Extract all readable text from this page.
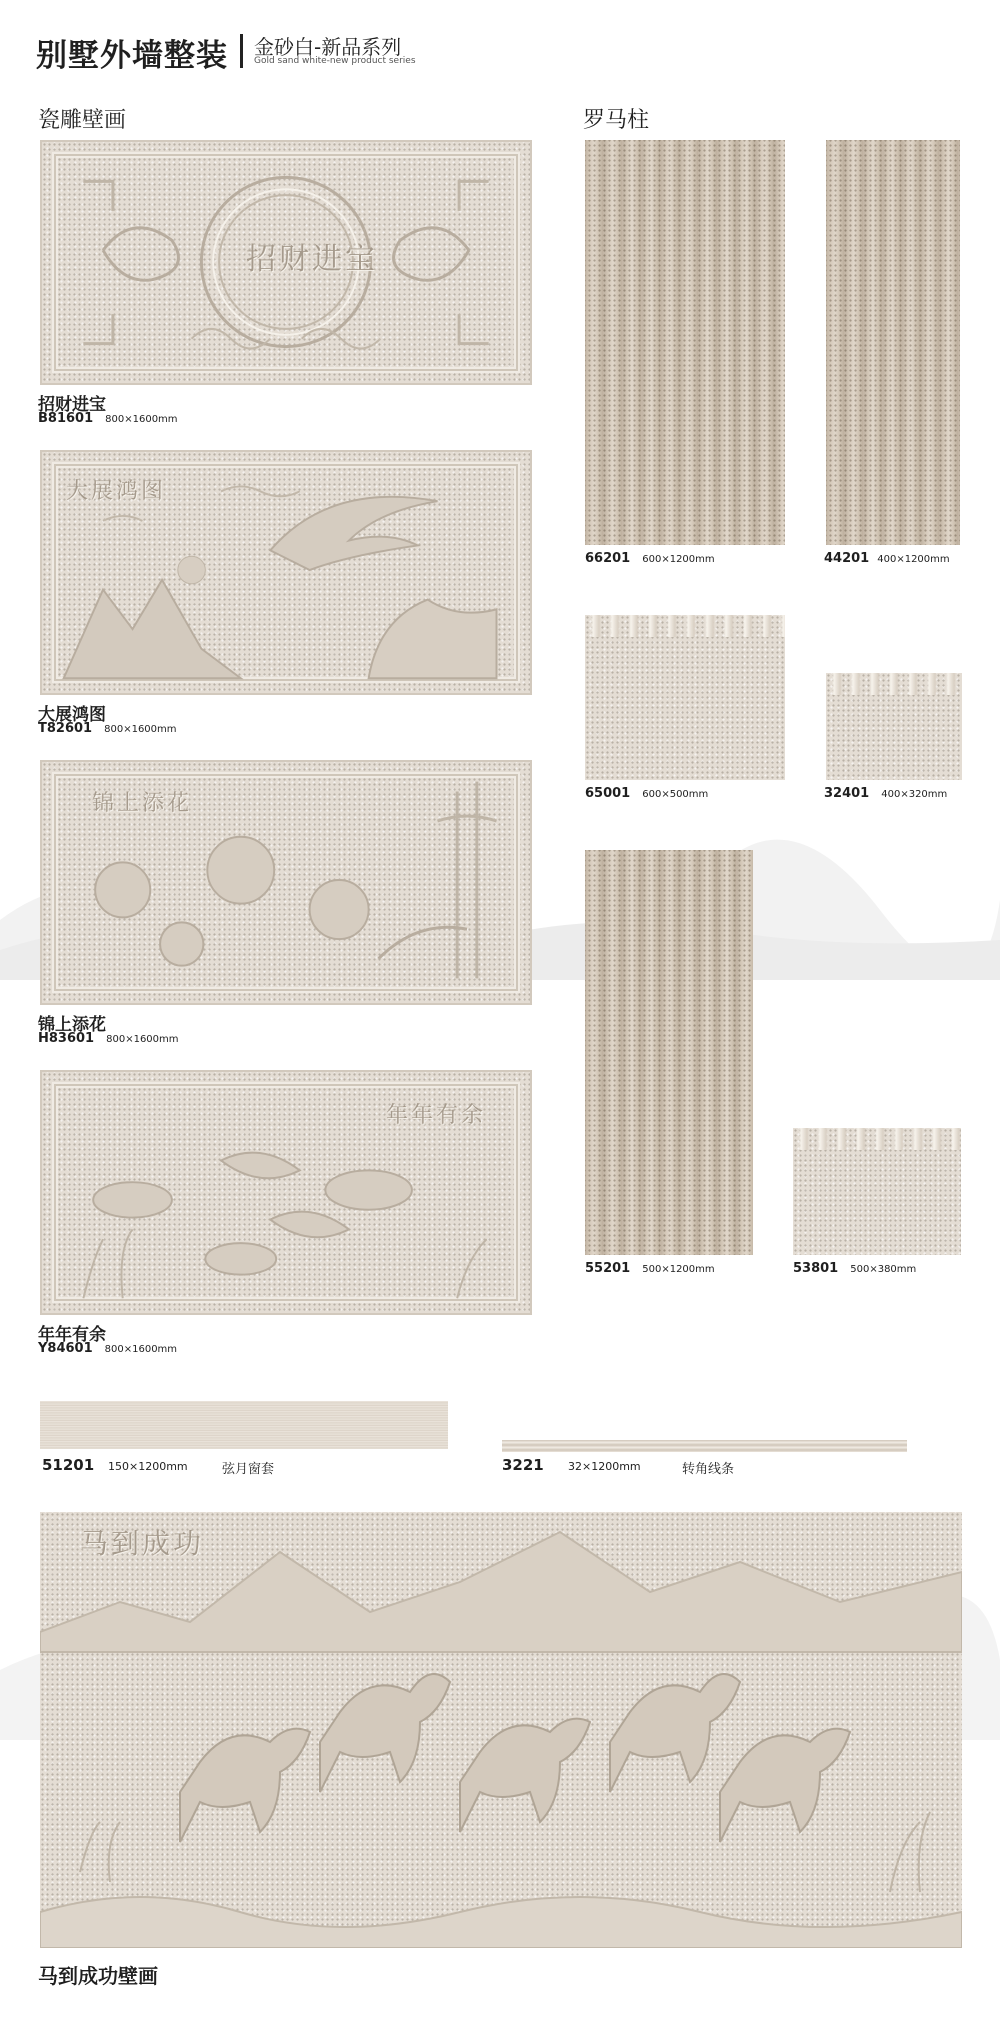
别墅外墙整装 金砂白-新品系列
Gold sand white-new product series
瓷雕壁画	罗马柱
招财进宝
招财进宝
B81601 800×1600mm
大展鸿图
大展鸿图
T82601 800×1600mm
锦上添花
锦上添花
H83601 800×1600mm
年年有余
年年有余
Y84601 800×1600mm
66201 600×1200mm	44201 400×1200mm
65001 600×500mm	32401 400×320mm
55201 500×1200mm	53801 500×380mm
51201 150×1200mm	弦月窗套	3221 32×1200mm	转角线条
马到成功
马到成功壁画
